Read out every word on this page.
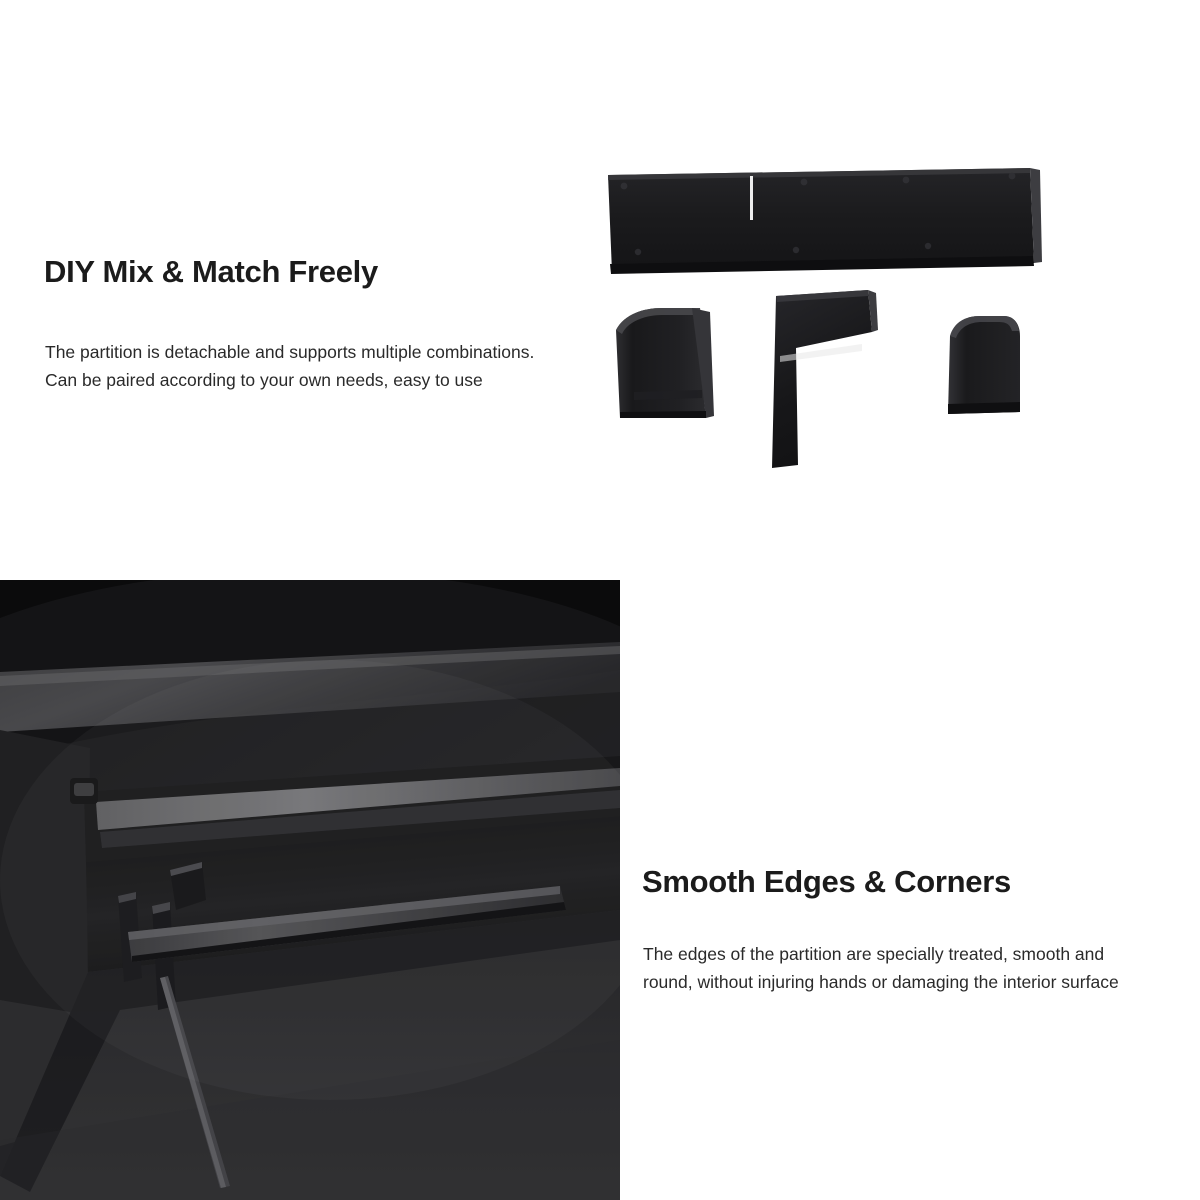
DIY Mix & Match Freely

The partition is detachable and supports multiple combinations. Can be paired according to your own needs, easy to use

Smooth Edges & Corners

The edges of the partition are specially treated, smooth and round, without injuring hands or damaging the interior surface
